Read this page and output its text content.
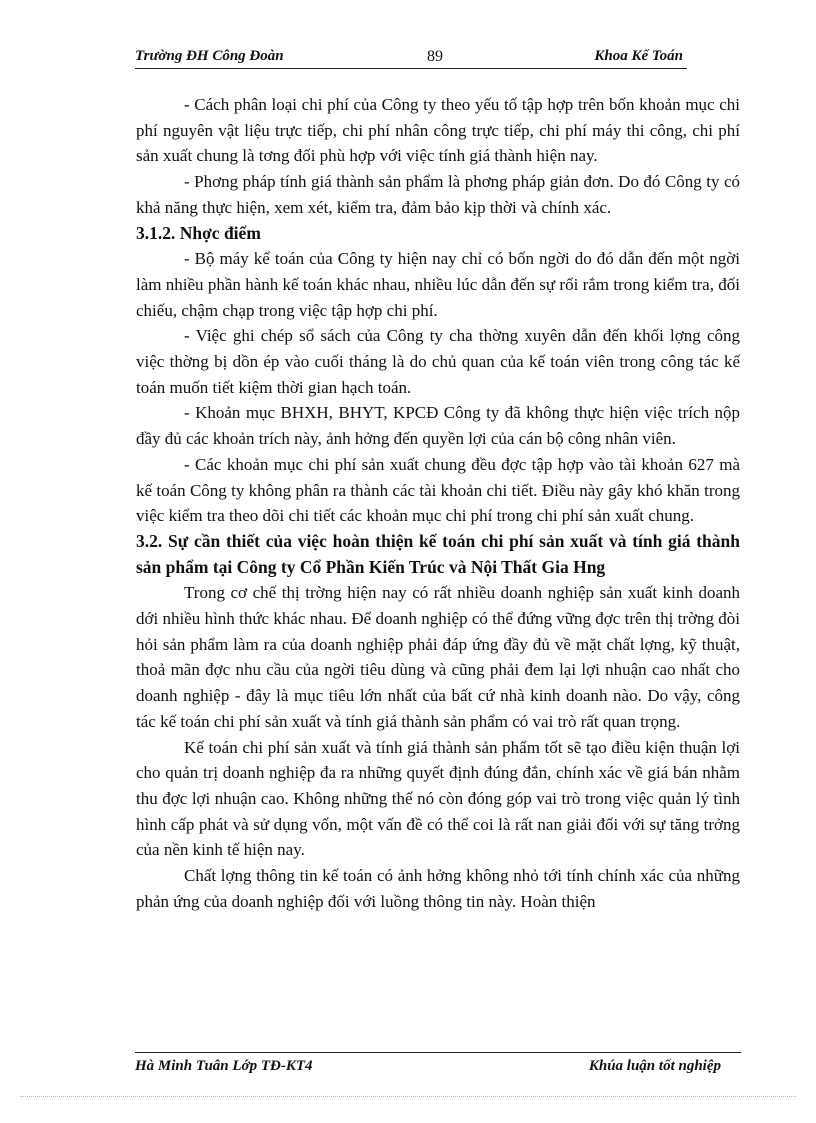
Trường ĐH Công Đoàn	89	Khoa Kế Toán

- Cách phân loại chi phí của Công ty theo yếu tố tập hợp trên bốn khoản mục chi phí nguyên vật liệu trực tiếp, chi phí nhân công trực tiếp, chi phí máy thi công, chi phí sản xuất chung là tơng đối phù hợp với việc tính giá thành hiện nay.

- Phơng pháp tính giá thành sản phẩm là phơng pháp giản đơn. Do đó Công ty có khả năng thực hiện, xem xét, kiểm tra, đảm bảo kịp thời và chính xác.

3.1.2. Nhợc điểm

- Bộ máy kế toán của Công ty hiện nay chỉ có bốn ngời do đó dẫn đến một ngời làm nhiều phần hành kế toán khác nhau, nhiều lúc dẫn đến sự rối rắm trong kiểm tra, đối chiếu, chậm chạp trong việc tập hợp chi phí.

- Việc ghi chép sổ sách của Công ty cha thờng xuyên dẫn đến khối lợng công việc thờng bị dồn ép vào cuối tháng là do chủ quan của kế toán viên trong công tác kế toán muốn tiết kiệm thời gian hạch toán.

- Khoản mục BHXH, BHYT, KPCĐ Công ty đã không thực hiện việc trích nộp đầy đủ các khoản trích này, ảnh hởng đến quyền lợi của cán bộ công nhân viên.

- Các khoản mục chi phí sản xuất chung đều đợc tập hợp vào tài khoản 627 mà kế toán Công ty không phân ra thành các tài khoản chi tiết. Điều này gây khó khăn trong việc kiểm tra theo dõi chi tiết các khoản mục chi phí trong chi phí sản xuất chung.

3.2. Sự cần thiết của việc hoàn thiện kế toán chi phí sản xuất và tính giá thành sản phẩm tại Công ty Cổ Phần Kiến Trúc và Nội Thất Gia Hng

Trong cơ chế thị trờng hiện nay có rất nhiều doanh nghiệp sản xuất kinh doanh dới nhiều hình thức khác nhau. Để doanh nghiệp có thể đứng vững đợc trên thị trờng đòi hỏi sản phẩm làm ra của doanh nghiệp phải đáp ứng đầy đủ về mặt chất lợng, kỹ thuật, thoả mãn đợc nhu cầu của ngời tiêu dùng và cũng phải đem lại lợi nhuận cao nhất cho doanh nghiệp - đây là mục tiêu lớn nhất của bất cứ nhà kinh doanh nào. Do vậy, công tác kế toán chi phí sản xuất và tính giá thành sản phẩm có vai trò rất quan trọng.

Kế toán chi phí sản xuất và tính giá thành sản phẩm tốt sẽ tạo điều kiện thuận lợi cho quản trị doanh nghiệp đa ra những quyết định đúng đắn, chính xác về giá bán nhằm thu đợc lợi nhuận cao. Không những thế nó còn đóng góp vai trò trong việc quản lý tình hình cấp phát và sử dụng vốn, một vấn đề có thể coi là rất nan giải đối với sự tăng trởng của nền kinh tế hiện nay.

Chất lợng thông tin kế toán có ảnh hởng không nhỏ tới tính chính xác của những phản ứng của doanh nghiệp đối với luồng thông tin này. Hoàn thiện

Hà Minh Tuân Lớp TĐ-KT4	Khúa luận tốt nghiệp
